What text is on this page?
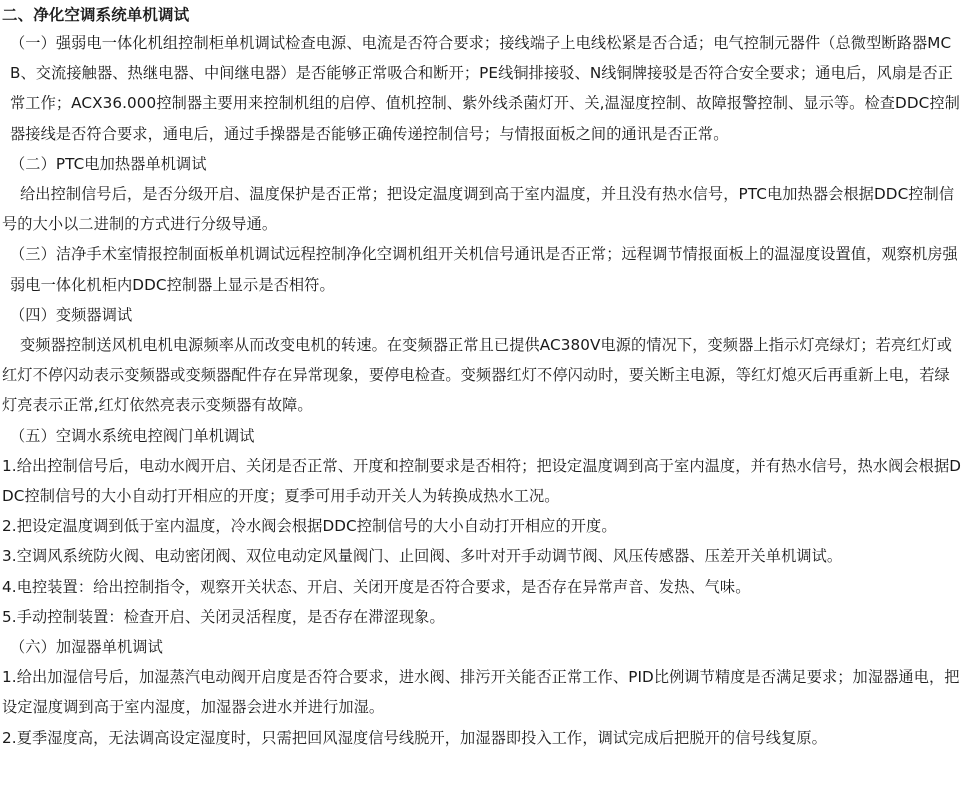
二、净化空调系统单机调试

（一）强弱电一体化机组控制柜单机调试检查电源、电流是否符合要求；接线端子上电线松紧是否合适；电气控制元器件（总微型断路器MCB、交流接触器、热继电器、中间继电器）是否能够正常吸合和断开；PE线铜排接驳、N线铜牌接驳是否符合安全要求；通电后，风扇是否正常工作；ACX36.000控制器主要用来控制机组的启停、值机控制、紫外线杀菌灯开、关,温湿度控制、故障报警控制、显示等。检查DDC控制器接线是否符合要求，通电后，通过手操器是否能够正确传递控制信号；与情报面板之间的通讯是否正常。

（二）PTC电加热器单机调试

给出控制信号后，是否分级开启、温度保护是否正常；把设定温度调到高于室内温度，并且没有热水信号，PTC电加热器会根据DDC控制信号的大小以二进制的方式进行分级导通。

（三）洁净手术室情报控制面板单机调试远程控制净化空调机组开关机信号通讯是否正常；远程调节情报面板上的温湿度设置值，观察机房强弱电一体化机柜内DDC控制器上显示是否相符。

（四）变频器调试

变频器控制送风机电机电源频率从而改变电机的转速。在变频器正常且已提供AC380V电源的情况下，变频器上指示灯亮绿灯；若亮红灯或红灯不停闪动表示变频器或变频器配件存在异常现象，要停电检查。变频器红灯不停闪动时，要关断主电源，等红灯熄灭后再重新上电，若绿灯亮表示正常,红灯依然亮表示变频器有故障。

（五）空调水系统电控阀门单机调试

1.给出控制信号后，电动水阀开启、关闭是否正常、开度和控制要求是否相符；把设定温度调到高于室内温度，并有热水信号，热水阀会根据DDC控制信号的大小自动打开相应的开度；夏季可用手动开关人为转换成热水工况。

2.把设定温度调到低于室内温度，冷水阀会根据DDC控制信号的大小自动打开相应的开度。

3.空调风系统防火阀、电动密闭阀、双位电动定风量阀门、止回阀、多叶对开手动调节阀、风压传感器、压差开关单机调试。

4.电控装置：给出控制指令，观察开关状态、开启、关闭开度是否符合要求，是否存在异常声音、发热、气味。

5.手动控制装置：检查开启、关闭灵活程度，是否存在滞涩现象。

（六）加湿器单机调试

1.给出加湿信号后，加湿蒸汽电动阀开启度是否符合要求，进水阀、排污开关能否正常工作、PID比例调节精度是否满足要求；加湿器通电，把设定湿度调到高于室内湿度，加湿器会进水并进行加湿。

2.夏季湿度高，无法调高设定湿度时，只需把回风湿度信号线脱开，加湿器即投入工作，调试完成后把脱开的信号线复原。
